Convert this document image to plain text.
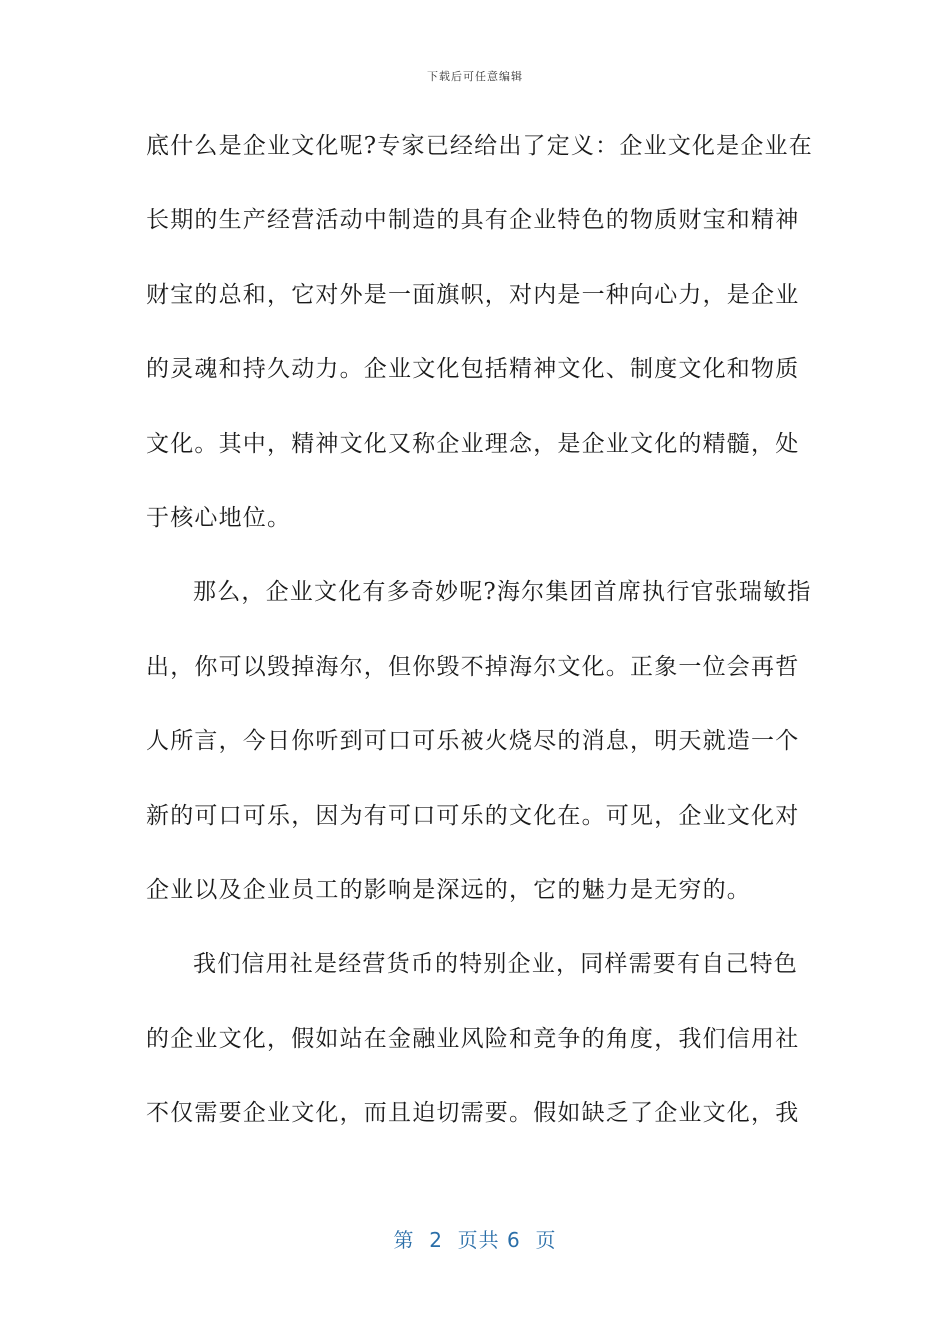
下载后可任意编辑
底什么是企业文化呢?专家已经给出了定义：企业文化是企业在
长期的生产经营活动中制造的具有企业特色的物质财宝和精神
财宝的总和，它对外是一面旗帜，对内是一种向心力，是企业
的灵魂和持久动力。企业文化包括精神文化、制度文化和物质
文化。其中，精神文化又称企业理念，是企业文化的精髓，处
于核心地位。
那么，企业文化有多奇妙呢?海尔集团首席执行官张瑞敏指
出，你可以毁掉海尔，但你毁不掉海尔文化。正象一位会再哲
人所言，今日你听到可口可乐被火烧尽的消息，明天就造一个
新的可口可乐，因为有可口可乐的文化在。可见，企业文化对
企业以及企业员工的影响是深远的，它的魅力是无穷的。
我们信用社是经营货币的特别企业，同样需要有自己特色
的企业文化，假如站在金融业风险和竞争的角度，我们信用社
不仅需要企业文化，而且迫切需要。假如缺乏了企业文化，我
第  2  页共 6  页
